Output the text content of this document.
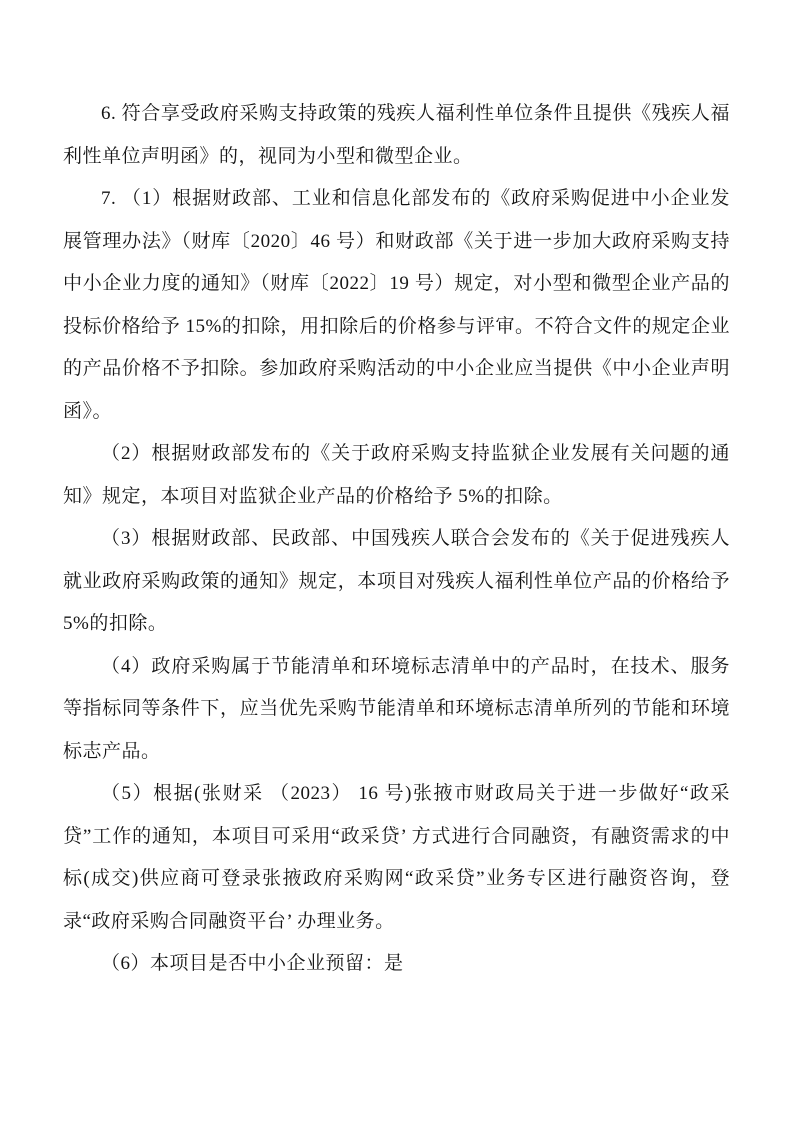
6. 符合享受政府采购支持政策的残疾人福利性单位条件且提供《残疾人福利性单位声明函》的，视同为小型和微型企业。

7. （1）根据财政部、工业和信息化部发布的《政府采购促进中小企业发展管理办法》（财库〔2020〕46 号）和财政部《关于进一步加大政府采购支持中小企业力度的通知》（财库〔2022〕19 号）规定，对小型和微型企业产品的投标价格给予 15%的扣除，用扣除后的价格参与评审。不符合文件的规定企业的产品价格不予扣除。参加政府采购活动的中小企业应当提供《中小企业声明函》。

（2）根据财政部发布的《关于政府采购支持监狱企业发展有关问题的通知》规定，本项目对监狱企业产品的价格给予 5%的扣除。

（3）根据财政部、民政部、中国残疾人联合会发布的《关于促进残疾人就业政府采购政策的通知》规定，本项目对残疾人福利性单位产品的价格给予 5%的扣除。

（4）政府采购属于节能清单和环境标志清单中的产品时，在技术、服务等指标同等条件下，应当优先采购节能清单和环境标志清单所列的节能和环境标志产品。

（5）根据(张财采 （2023） 16 号)张掖市财政局关于进一步做好“政采贷”工作的通知，本项目可采用“政采贷’ 方式进行合同融资，有融资需求的中标(成交)供应商可登录张掖政府采购网“政采贷”业务专区进行融资咨询，登录“政府采购合同融资平台’ 办理业务。

（6）本项目是否中小企业预留：是
